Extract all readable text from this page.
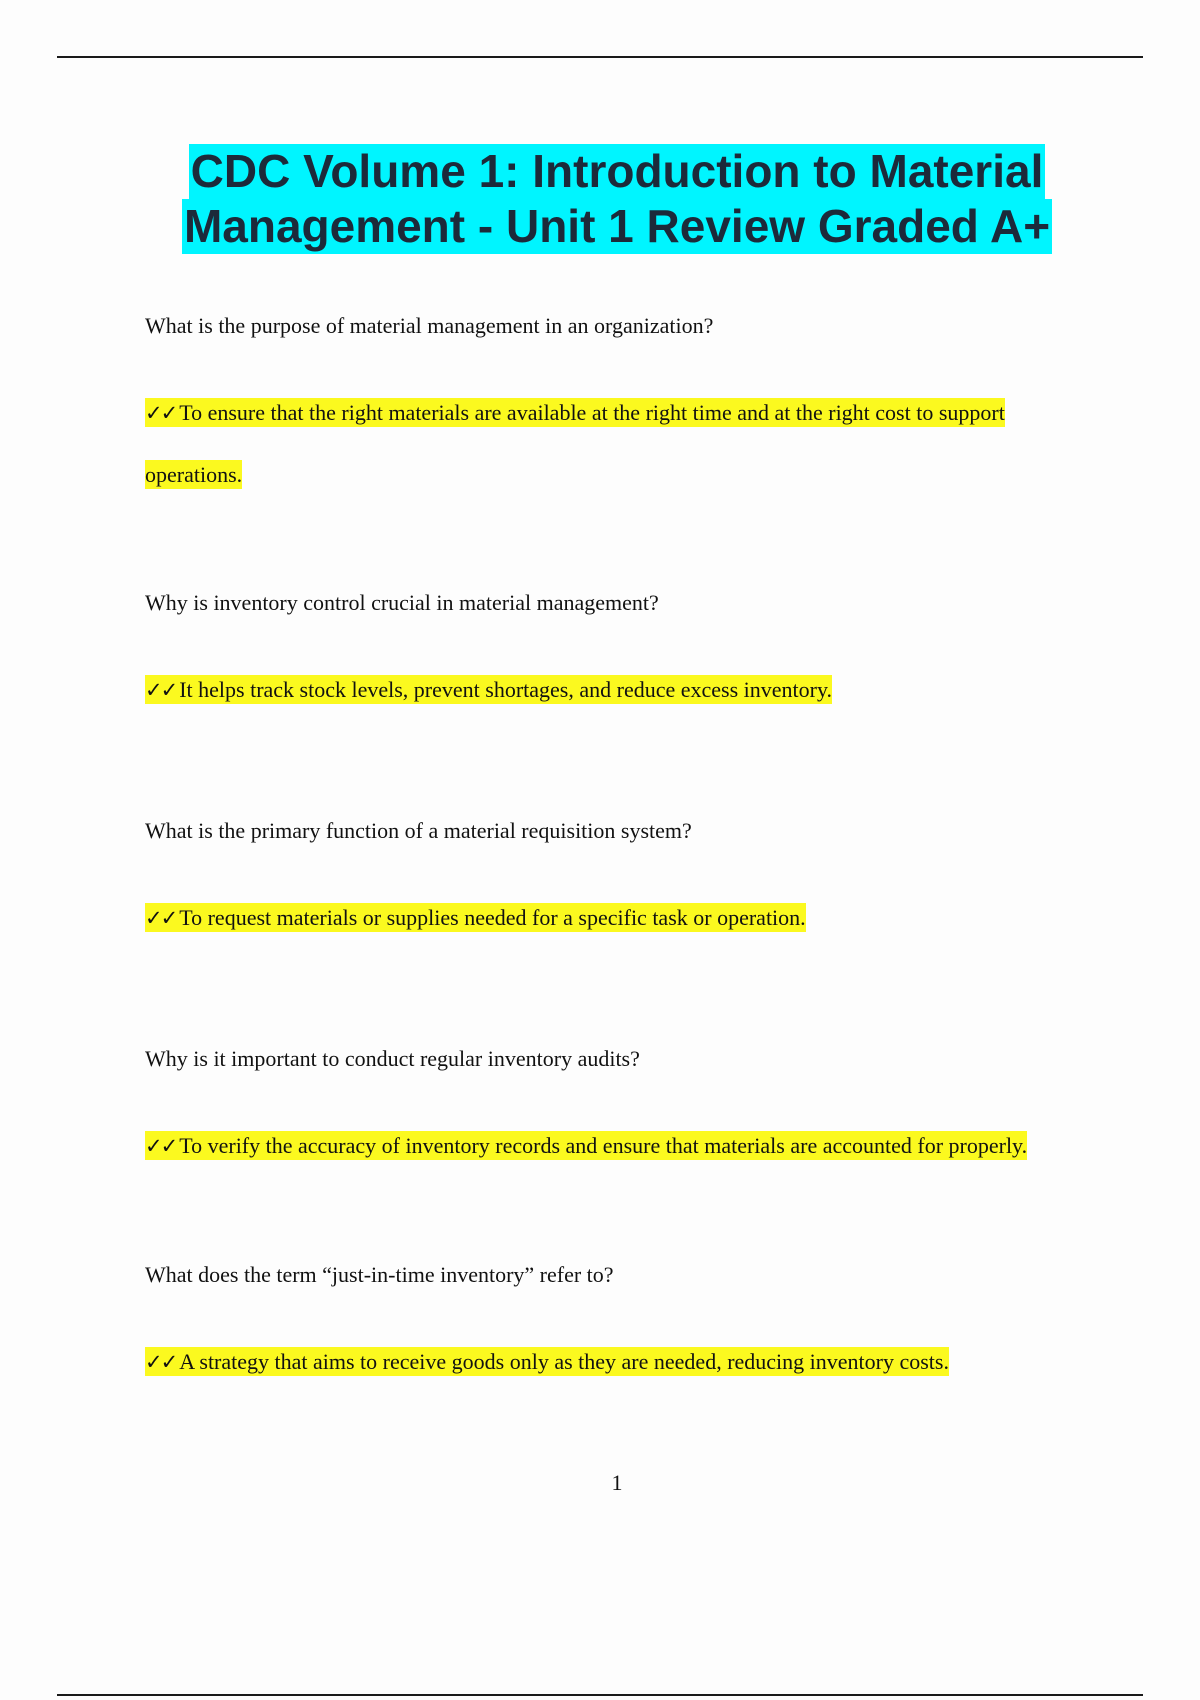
CDC Volume 1: Introduction to Material
Management - Unit 1 Review Graded A+

What is the purpose of material management in an organization?

✓✓ To ensure that the right materials are available at the right time and at the right cost to support operations.

Why is inventory control crucial in material management?

✓✓ It helps track stock levels, prevent shortages, and reduce excess inventory.

What is the primary function of a material requisition system?

✓✓ To request materials or supplies needed for a specific task or operation.

Why is it important to conduct regular inventory audits?

✓✓ To verify the accuracy of inventory records and ensure that materials are accounted for properly.

What does the term “just-in-time inventory” refer to?

✓✓ A strategy that aims to receive goods only as they are needed, reducing inventory costs.

1
